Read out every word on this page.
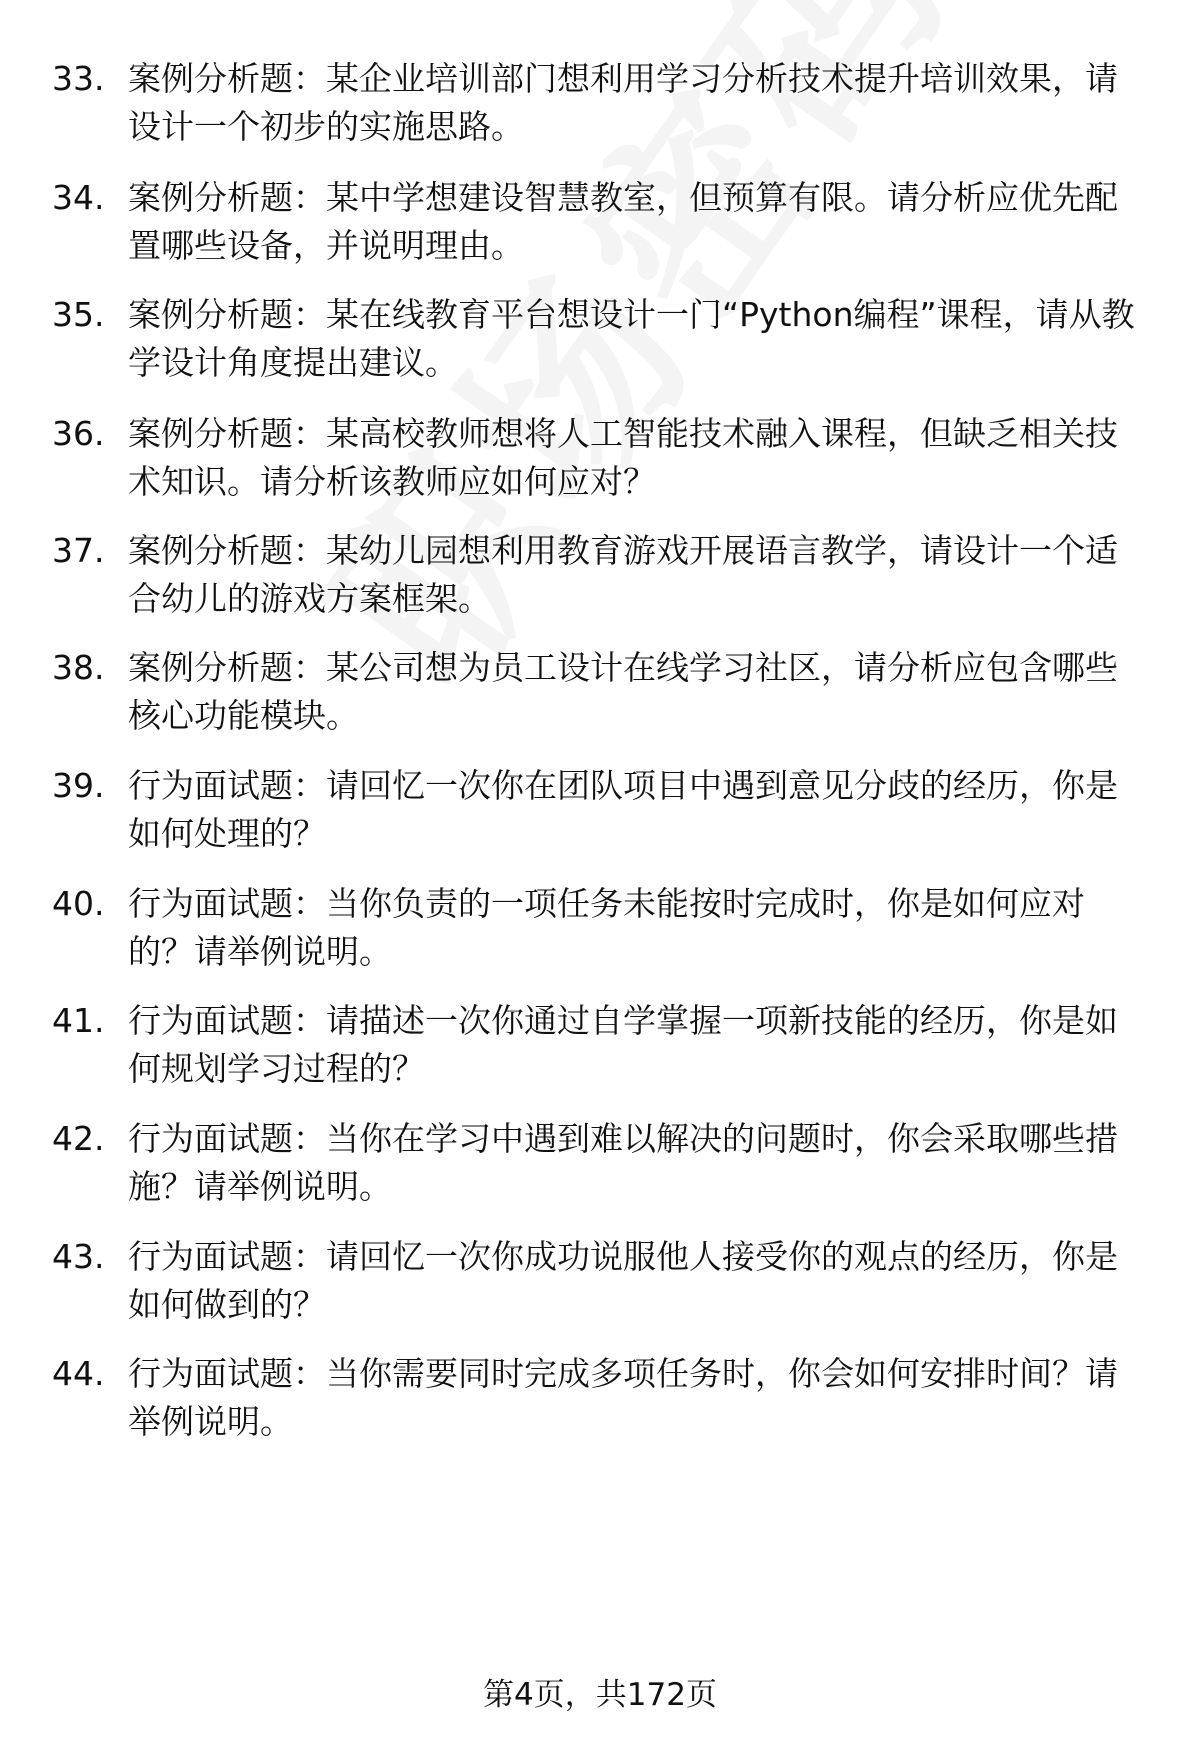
33. 案例分析题：某企业培训部门想利用学习分析技术提升培训效果，请设计一个初步的实施思路。
34. 案例分析题：某中学想建设智慧教室，但预算有限。请分析应优先配置哪些设备，并说明理由。
35. 案例分析题：某在线教育平台想设计一门“Python编程”课程，请从教学设计角度提出建议。
36. 案例分析题：某高校教师想将人工智能技术融入课程，但缺乏相关技术知识。请分析该教师应如何应对？
37. 案例分析题：某幼儿园想利用教育游戏开展语言教学，请设计一个适合幼儿的游戏方案框架。
38. 案例分析题：某公司想为员工设计在线学习社区，请分析应包含哪些核心功能模块。
39. 行为面试题：请回忆一次你在团队项目中遇到意见分歧的经历，你是如何处理的？
40. 行为面试题：当你负责的一项任务未能按时完成时，你是如何应对的？请举例说明。
41. 行为面试题：请描述一次你通过自学掌握一项新技能的经历，你是如何规划学习过程的？
42. 行为面试题：当你在学习中遇到难以解决的问题时，你会采取哪些措施？请举例说明。
43. 行为面试题：请回忆一次你成功说服他人接受你的观点的经历，你是如何做到的？
44. 行为面试题：当你需要同时完成多项任务时，你会如何安排时间？请举例说明。
第4页，共172页
